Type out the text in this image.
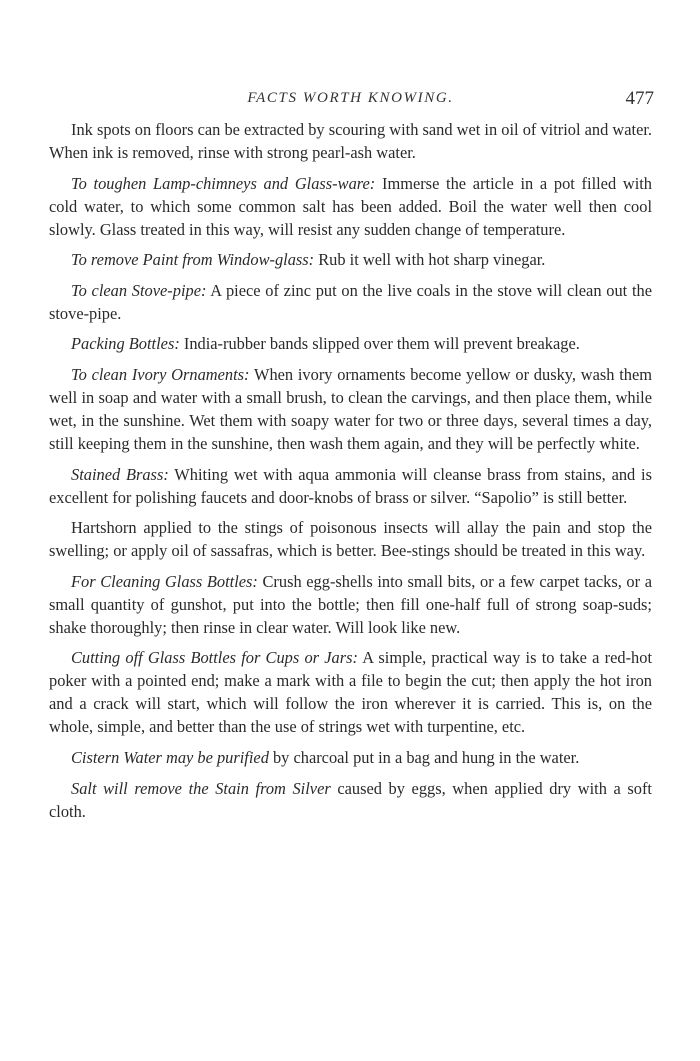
FACTS WORTH KNOWING.	477

Ink spots on floors can be extracted by scouring with sand wet in oil of vitriol and water. When ink is removed, rinse with strong pearl-ash water.

To toughen Lamp-chimneys and Glass-ware: Immerse the article in a pot filled with cold water, to which some common salt has been added. Boil the water well then cool slowly. Glass treated in this way, will resist any sudden change of temperature.

To remove Paint from Window-glass: Rub it well with hot sharp vinegar.

To clean Stove-pipe: A piece of zinc put on the live coals in the stove will clean out the stove-pipe.

Packing Bottles: India-rubber bands slipped over them will prevent breakage.

To clean Ivory Ornaments: When ivory ornaments become yellow or dusky, wash them well in soap and water with a small brush, to clean the carvings, and then place them, while wet, in the sunshine. Wet them with soapy water for two or three days, several times a day, still keeping them in the sunshine, then wash them again, and they will be perfectly white.

Stained Brass: Whiting wet with aqua ammonia will cleanse brass from stains, and is excellent for polishing faucets and door-knobs of brass or silver. “Sapolio” is still better.

Hartshorn applied to the stings of poisonous insects will allay the pain and stop the swelling; or apply oil of sassafras, which is better. Bee-stings should be treated in this way.

For Cleaning Glass Bottles: Crush egg-shells into small bits, or a few carpet tacks, or a small quantity of gunshot, put into the bottle; then fill one-half full of strong soap-suds; shake thoroughly; then rinse in clear water. Will look like new.

Cutting off Glass Bottles for Cups or Jars: A simple, practical way is to take a red-hot poker with a pointed end; make a mark with a file to begin the cut; then apply the hot iron and a crack will start, which will follow the iron wherever it is carried. This is, on the whole, simple, and better than the use of strings wet with turpentine, etc.

Cistern Water may be purified by charcoal put in a bag and hung in the water.

Salt will remove the Stain from Silver caused by eggs, when applied dry with a soft cloth.
